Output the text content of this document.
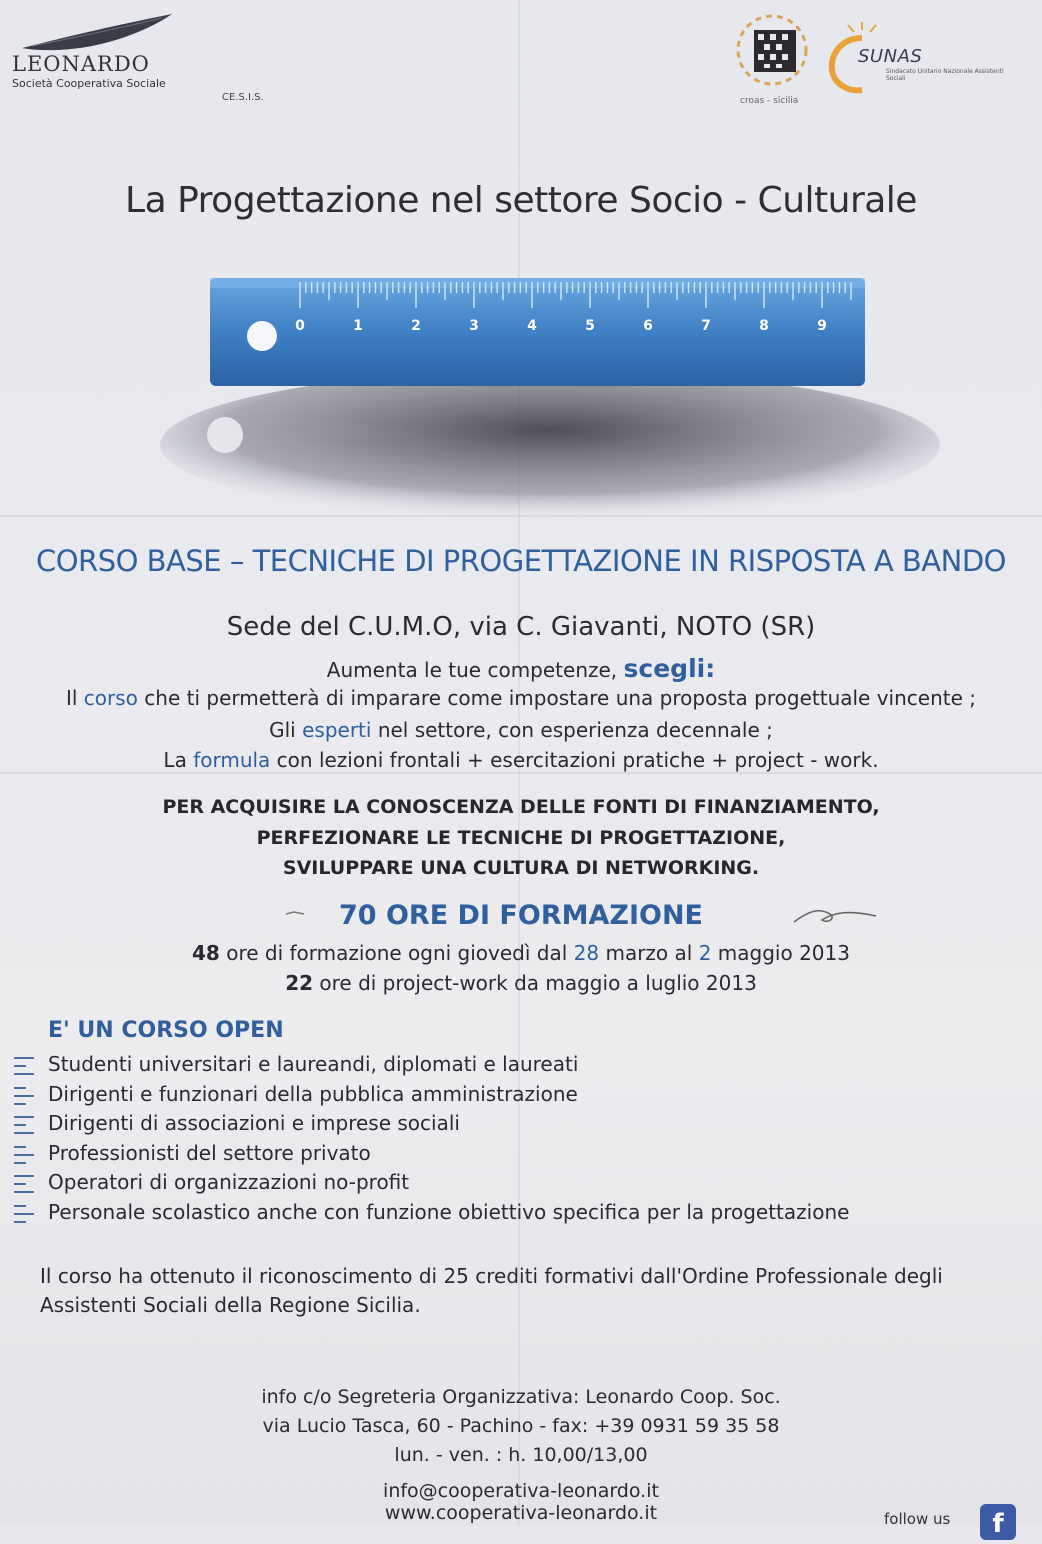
LEONARDO
Società Cooperativa Sociale
CE.S.I.S.	croas - sicilia
SUNAS
Sindacato Unitario Nazionale Assistenti Sociali
La Progettazione nel settore Socio - Culturale
0	1	2	3	4	5	6	7	8	9
CORSO BASE – TECNICHE DI PROGETTAZIONE IN RISPOSTA A BANDO
Sede del C.U.M.O, via C. Giavanti, NOTO (SR)
Aumenta le tue competenze, scegli:
Il corso che ti permetterà di imparare come impostare una proposta progettuale vincente ;
Gli esperti nel settore, con esperienza decennale ;
La formula con lezioni frontali + esercitazioni pratiche + project - work.
PER ACQUISIRE LA CONOSCENZA DELLE FONTI DI FINANZIAMENTO,
PERFEZIONARE LE TECNICHE DI PROGETTAZIONE,
SVILUPPARE UNA CULTURA DI NETWORKING.
70 ORE DI FORMAZIONE
48 ore di formazione ogni giovedì dal 28 marzo al 2 maggio 2013
22 ore di project-work da maggio a luglio 2013
E' UN CORSO OPEN
Studenti universitari e laureandi, diplomati e laureati
Dirigenti e funzionari della pubblica amministrazione
Dirigenti di associazioni e imprese sociali
Professionisti del settore privato
Operatori di organizzazioni no-profit
Personale scolastico anche con funzione obiettivo specifica per la progettazione
Il corso ha ottenuto il riconoscimento di 25 crediti formativi dall'Ordine Professionale degli Assistenti Sociali della Regione Sicilia.
info c/o Segreteria Organizzativa: Leonardo Coop. Soc.
via Lucio Tasca, 60 - Pachino - fax: +39 0931 59 35 58
lun. - ven. : h. 10,00/13,00
info@cooperativa-leonardo.it
www.cooperativa-leonardo.it	follow us	f
